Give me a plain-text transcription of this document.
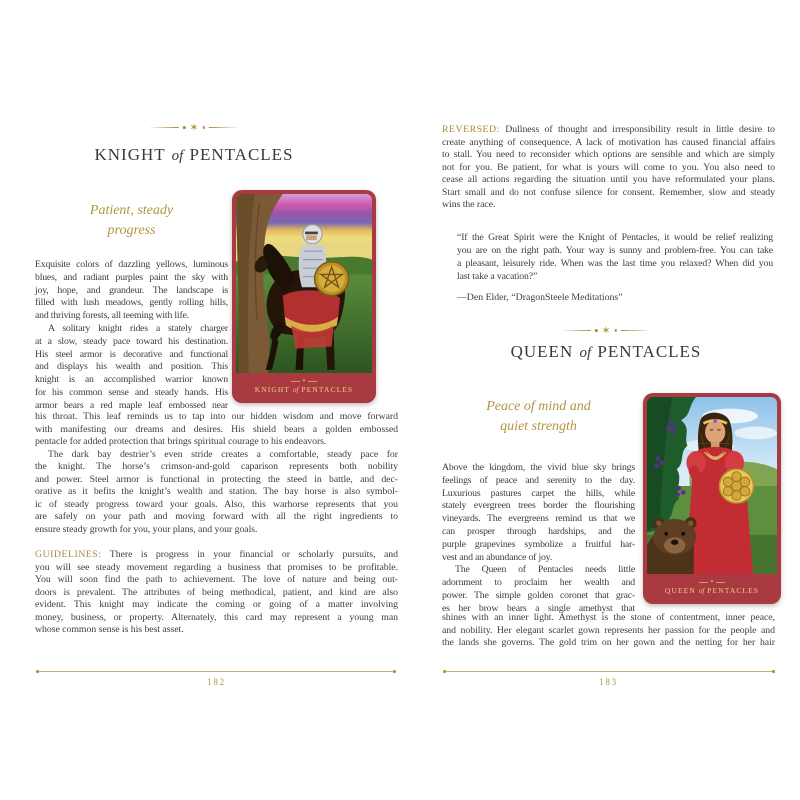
✶
KNIGHT of PENTACLES
Patient, steady
progress
✦
KNIGHT of PENTACLES
Exquisite colors of dazzling yellows, luminous
blues, and radiant purples paint the sky with
joy, hope, and grandeur. The landscape is
filled with lush meadows, gently rolling hills,
and thriving forests, all teeming with life.
A solitary knight rides a stately charger
at a slow, steady pace toward his destination.
His steel armor is decorative and functional
and displays his wealth and position. This
knight is an accomplished warrior known
for his common sense and steady hands. His
armor bears a red maple leaf embossed near
his throat. This leaf reminds us to tap into our hidden wisdom and move forward
with manifesting our dreams and desires. His shield bears a golden embossed
pentacle for added protection that brings spiritual courage to his endeavors.
The dark bay destrier’s even stride creates a comfortable, steady pace for
the knight. The horse’s crimson-and-gold caparison represents both nobility
and power. Steel armor is functional in protecting the steed in battle, and dec-
orative as it befits the knight’s wealth and station. The bay horse is also symbol-
ic of steady progress toward your goals. Also, this warhorse represents that you
are safely on your path and moving forward with all the right ingredients to
ensure steady growth for you, your plans, and your goals.
GUIDELINES: There is progress in your financial or scholarly pursuits, and
you will see steady movement regarding a business that promises to be profitable.
You will soon find the path to achievement. The love of nature and being out-
doors is prevalent. The attributes of being methodical, patient, and kind are also
evident. This knight may indicate the coming or going of a matter involving
money, business, or property. Alternately, this card may represent a young man
whose common sense is his best asset.
182
REVERSED: Dullness of thought and irresponsibility result in little desire to
create anything of consequence. A lack of motivation has caused financial affairs
to stall. You need to reconsider which options are sensible and which are simply
not for you. Be patient, for what is yours will come to you. You also need to
cease all actions regarding the situation until you have reformulated your plans.
Start small and do not confuse silence for consent. Remember, slow and steady
wins the race.
“If the Great Spirit were the Knight of Pentacles, it would be relief realizing
you are on the right path. Your way is sunny and problem-free. You can take
a pleasant, leisurely ride. When was the last time you relaxed? When did you
last take a vacation?”
—Den Elder, “DragonSteele Meditations”
✶
QUEEN of PENTACLES
Peace of mind and
quiet strength
✦
QUEEN of PENTACLES
Above the kingdom, the vivid blue sky brings
feelings of peace and serenity to the day.
Luxurious pastures carpet the hills, while
stately evergreen trees border the flourishing
vineyards. The evergreens remind us that we
can prosper through hardships, and the
purple grapevines symbolize a fruitful har-
vest and an abundance of joy.
The Queen of Pentacles needs little
adornment to proclaim her wealth and
power. The simple golden coronet that grac-
es her brow bears a single amethyst that
shines with an inner light. Amethyst is the stone of contentment, inner peace,
and nobility. Her elegant scarlet gown represents her passion for the people and
the lands she governs. The gold trim on her gown and the netting for her hair
183
